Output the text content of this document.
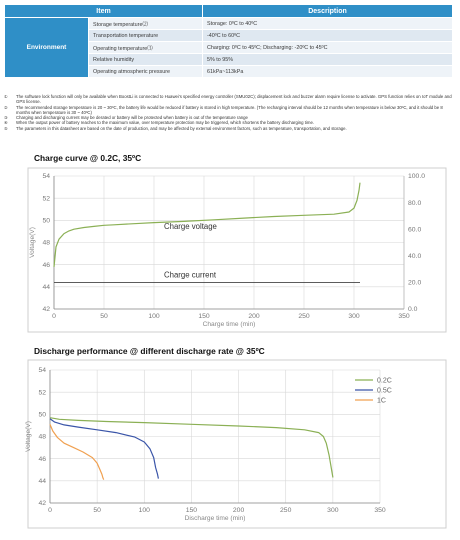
Item		Description
Environment	Storage temperature⑵	Storage: 0ºC to 40ºC
	Transportation temperature	-40ºC to 60ºC
	Operating temperature⑶	Charging: 0ºC to 45ºC; Discharging: -20ºC to 45ºC
	Relative humidity	5% to 95%
	Operating atmospheric pressure	61kPa~113kPa
①	The software lock function will only be available when BoostLi is connected to Huawei's specified energy controller (SMU02C); displacement lock and buzzer alarm require license to activate. GPS function relies on IoT module and GPS license.
②	The recommended storage temperature is 20 ~ 30ºC, the battery life would be reduced if battery is stored in high temperature. (The recharging interval should be 12 months when temperature is below 30ºC, and it should be 8 months when temperature is 30 ~ 40ºC)
③	Charging and discharging current may be derated or battery will be protected when battery is out of the temperature range
④	When the output power of battery reaches to the maximum value, over temperature protection may be triggered, which shortens the battery discharging time.
⑤	The parameters in this datasheet are based on the date of production, and may be affected by external environment factors, such as temperature, transportation, and storage.
Charge curve @ 0.2C, 35ºC
42
44
46
48
50
52
54
0	50	100	150	200	250	300	350
Charge time (min)
Voltage(V)
0.0
20.0
40.0
60.0
80.0
100.0
Charge voltage
Charge current
Discharge performance @ different discharge rate @ 35ºC
42
44
46
48
50
52
54
0	50	100	150	200	250	300	350
Discharge time (min)
Voltage(V)
0.2C
0.5C
1C
